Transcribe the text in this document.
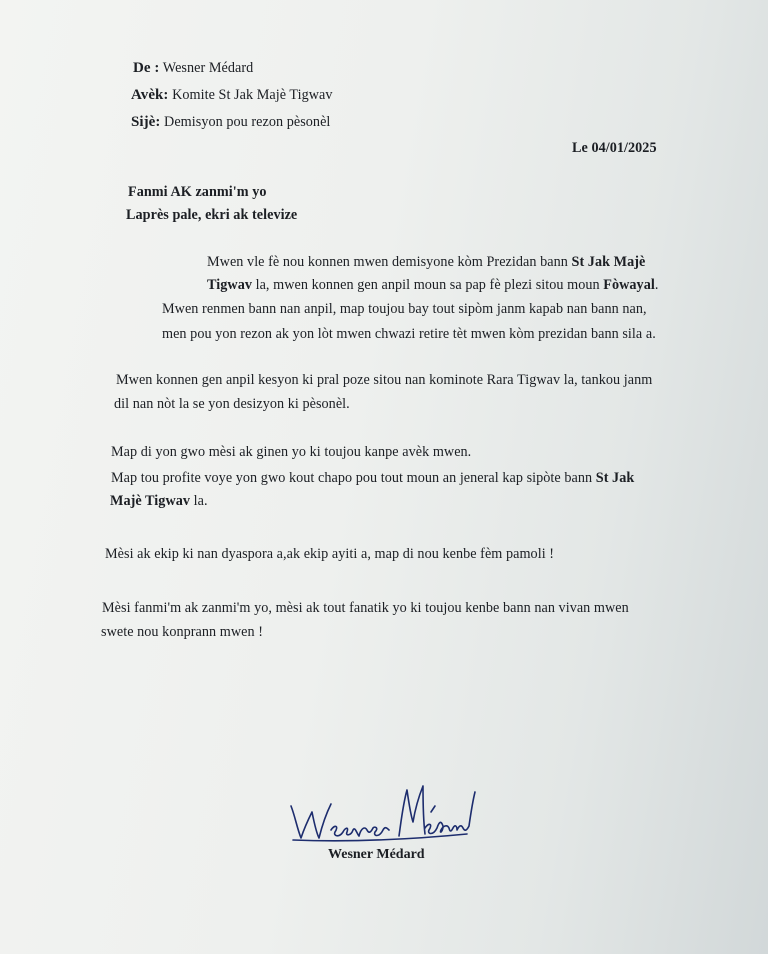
De : Wesner Médard
Avèk: Komite St Jak Majè Tigwav
Sijè: Demisyon pou rezon pèsonèl
Le 04/01/2025
Fanmi AK zanmi'm yo
Laprès pale, ekri ak televize
Mwen vle fè nou konnen mwen demisyone kòm Prezidan bann St Jak Majè
Tigwav la, mwen konnen gen anpil moun sa pap fè plezi sitou moun Fòwayal.
Mwen renmen bann nan anpil, map toujou bay tout sipòm janm kapab nan bann nan,
men pou yon rezon ak yon lòt mwen chwazi retire tèt mwen kòm prezidan bann sila a.
Mwen konnen gen anpil kesyon ki pral poze sitou nan kominote Rara Tigwav la, tankou janm
dil nan nòt la se yon desizyon ki pèsonèl.
Map di yon gwo mèsi ak ginen yo ki toujou kanpe avèk mwen.
Map tou profite voye yon gwo kout chapo pou tout moun an jeneral kap sipòte bann St Jak
Majè Tigwav la.
Mèsi ak ekip ki nan dyaspora a,ak ekip ayiti a, map di nou kenbe fèm pamoli !
Mèsi fanmi'm ak zanmi'm yo, mèsi ak tout fanatik yo ki toujou kenbe bann nan vivan mwen
swete nou konprann mwen !
Wesner Médard
